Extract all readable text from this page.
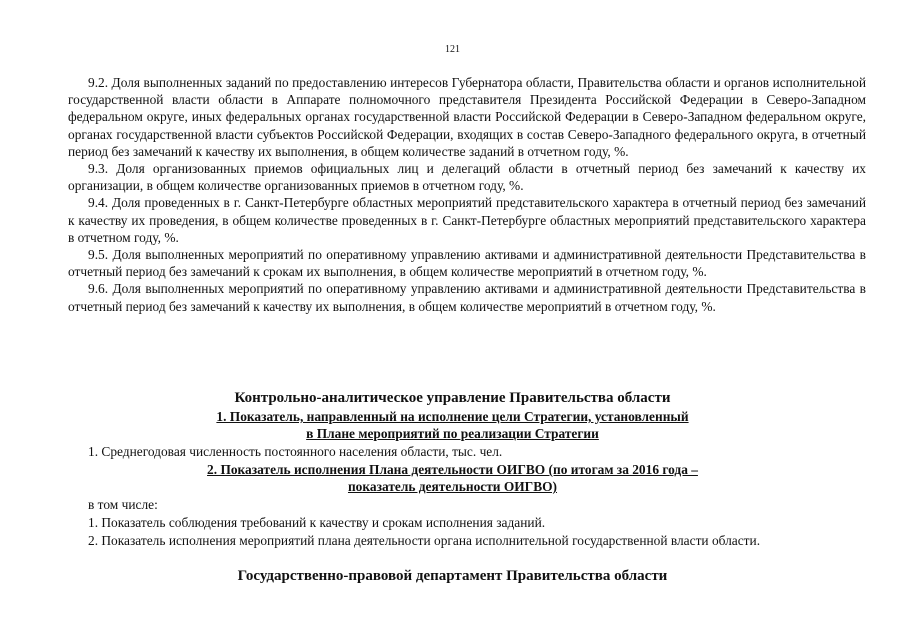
121

9.2. Доля выполненных заданий по предоставлению интересов Губернатора области, Правительства области и органов исполнительной государственной власти области в Аппарате полномочного представителя Президента Российской Федерации в Северо-Западном федеральном округе, иных федеральных органах государственной власти Российской Федерации в Северо-Западном федеральном округе, органах государственной власти субъектов Российской Федерации, входящих в состав Северо-Западного федерального округа, в отчетный период без замечаний к качеству их выполнения, в общем количестве заданий в отчетном году, %.

9.3. Доля организованных приемов официальных лиц и делегаций области в отчетный период без замечаний к качеству их организации, в общем количестве организованных приемов в отчетном году, %.

9.4. Доля проведенных в г. Санкт-Петербурге областных мероприятий представительского характера в отчетный период без замечаний к качеству их проведения, в общем количестве проведенных в г. Санкт-Петербурге областных мероприятий представительского характера в отчетном году, %.

9.5. Доля выполненных мероприятий по оперативному управлению активами и административной деятельности Представительства в отчетный период без замечаний к срокам их выполнения, в общем количестве мероприятий в отчетном году, %.

9.6. Доля выполненных мероприятий по оперативному управлению активами и административной деятельности Представительства в отчетный период без замечаний к качеству их выполнения, в общем количестве мероприятий в отчетном году, %.

Контрольно-аналитическое управление Правительства области
1. Показатель, направленный на исполнение цели Стратегии, установленный
в Плане мероприятий по реализации Стратегии
1. Среднегодовая численность постоянного населения области, тыс. чел.
2. Показатель исполнения Плана деятельности ОИГВО (по итогам за 2016 года –
показатель деятельности ОИГВО)
в том числе:
1. Показатель соблюдения требований к качеству и срокам исполнения заданий.
2. Показатель исполнения мероприятий плана деятельности органа исполнительной государственной власти области.
Государственно-правовой департамент Правительства области
